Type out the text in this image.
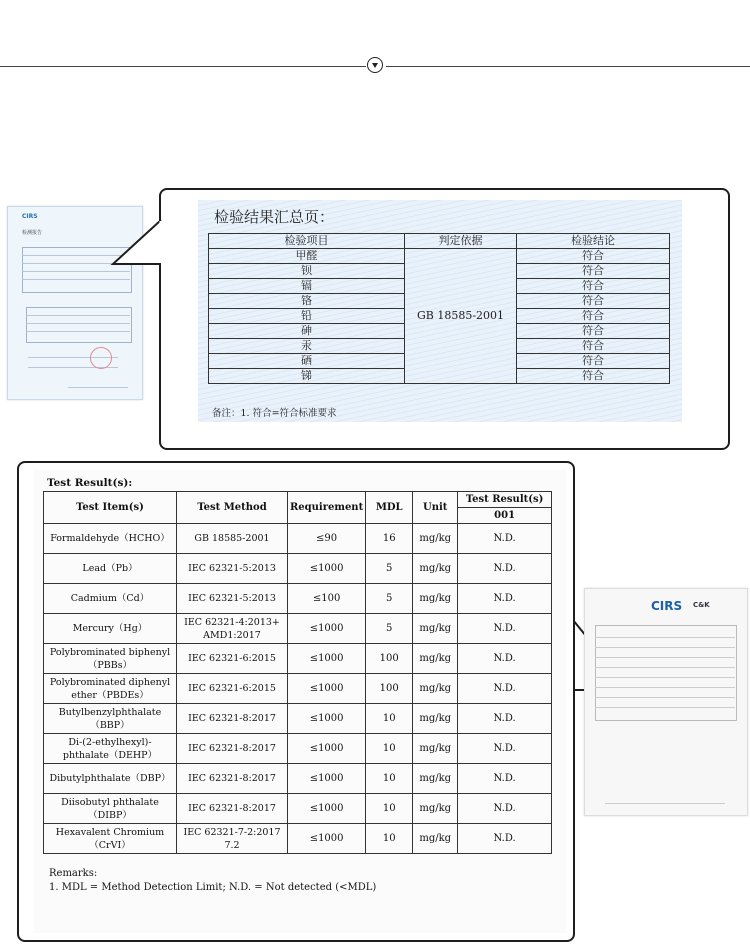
CIRS
检测报告
检验结果汇总页：
检验项目	判定依据	检验结论
甲醛	GB 18585-2001	符合
钡		符合
镉		符合
铬		符合
铅		符合
砷		符合
汞		符合
硒		符合
锑		符合
备注：1. 符合=符合标准要求
Test Result(s):
Test Item(s)	Test Method	Requirement	MDL	Unit	Test Result(s)
					001
Formaldehyde（HCHO）	GB 18585-2001	≤90	16	mg/kg	N.D.
Lead（Pb）	IEC 62321-5:2013	≤1000	5	mg/kg	N.D.
Cadmium（Cd）	IEC 62321-5:2013	≤100	5	mg/kg	N.D.
Mercury（Hg）	IEC 62321-4:2013+ AMD1:2017	≤1000	5	mg/kg	N.D.
Polybrominated biphenyl（PBBs）	IEC 62321-6:2015	≤1000	100	mg/kg	N.D.
Polybrominated diphenyl ether（PBDEs）	IEC 62321-6:2015	≤1000	100	mg/kg	N.D.
Butylbenzylphthalate（BBP）	IEC 62321-8:2017	≤1000	10	mg/kg	N.D.
Di-(2-ethylhexyl)-phthalate（DEHP）	IEC 62321-8:2017	≤1000	10	mg/kg	N.D.
Dibutylphthalate（DBP）	IEC 62321-8:2017	≤1000	10	mg/kg	N.D.
Diisobutyl phthalate（DIBP）	IEC 62321-8:2017	≤1000	10	mg/kg	N.D.
Hexavalent Chromium（CrVI）	IEC 62321-7-2:2017 7.2	≤1000	10	mg/kg	N.D.
Remarks:
1. MDL = Method Detection Limit; N.D. = Not detected (<MDL)
CIRS C&K
